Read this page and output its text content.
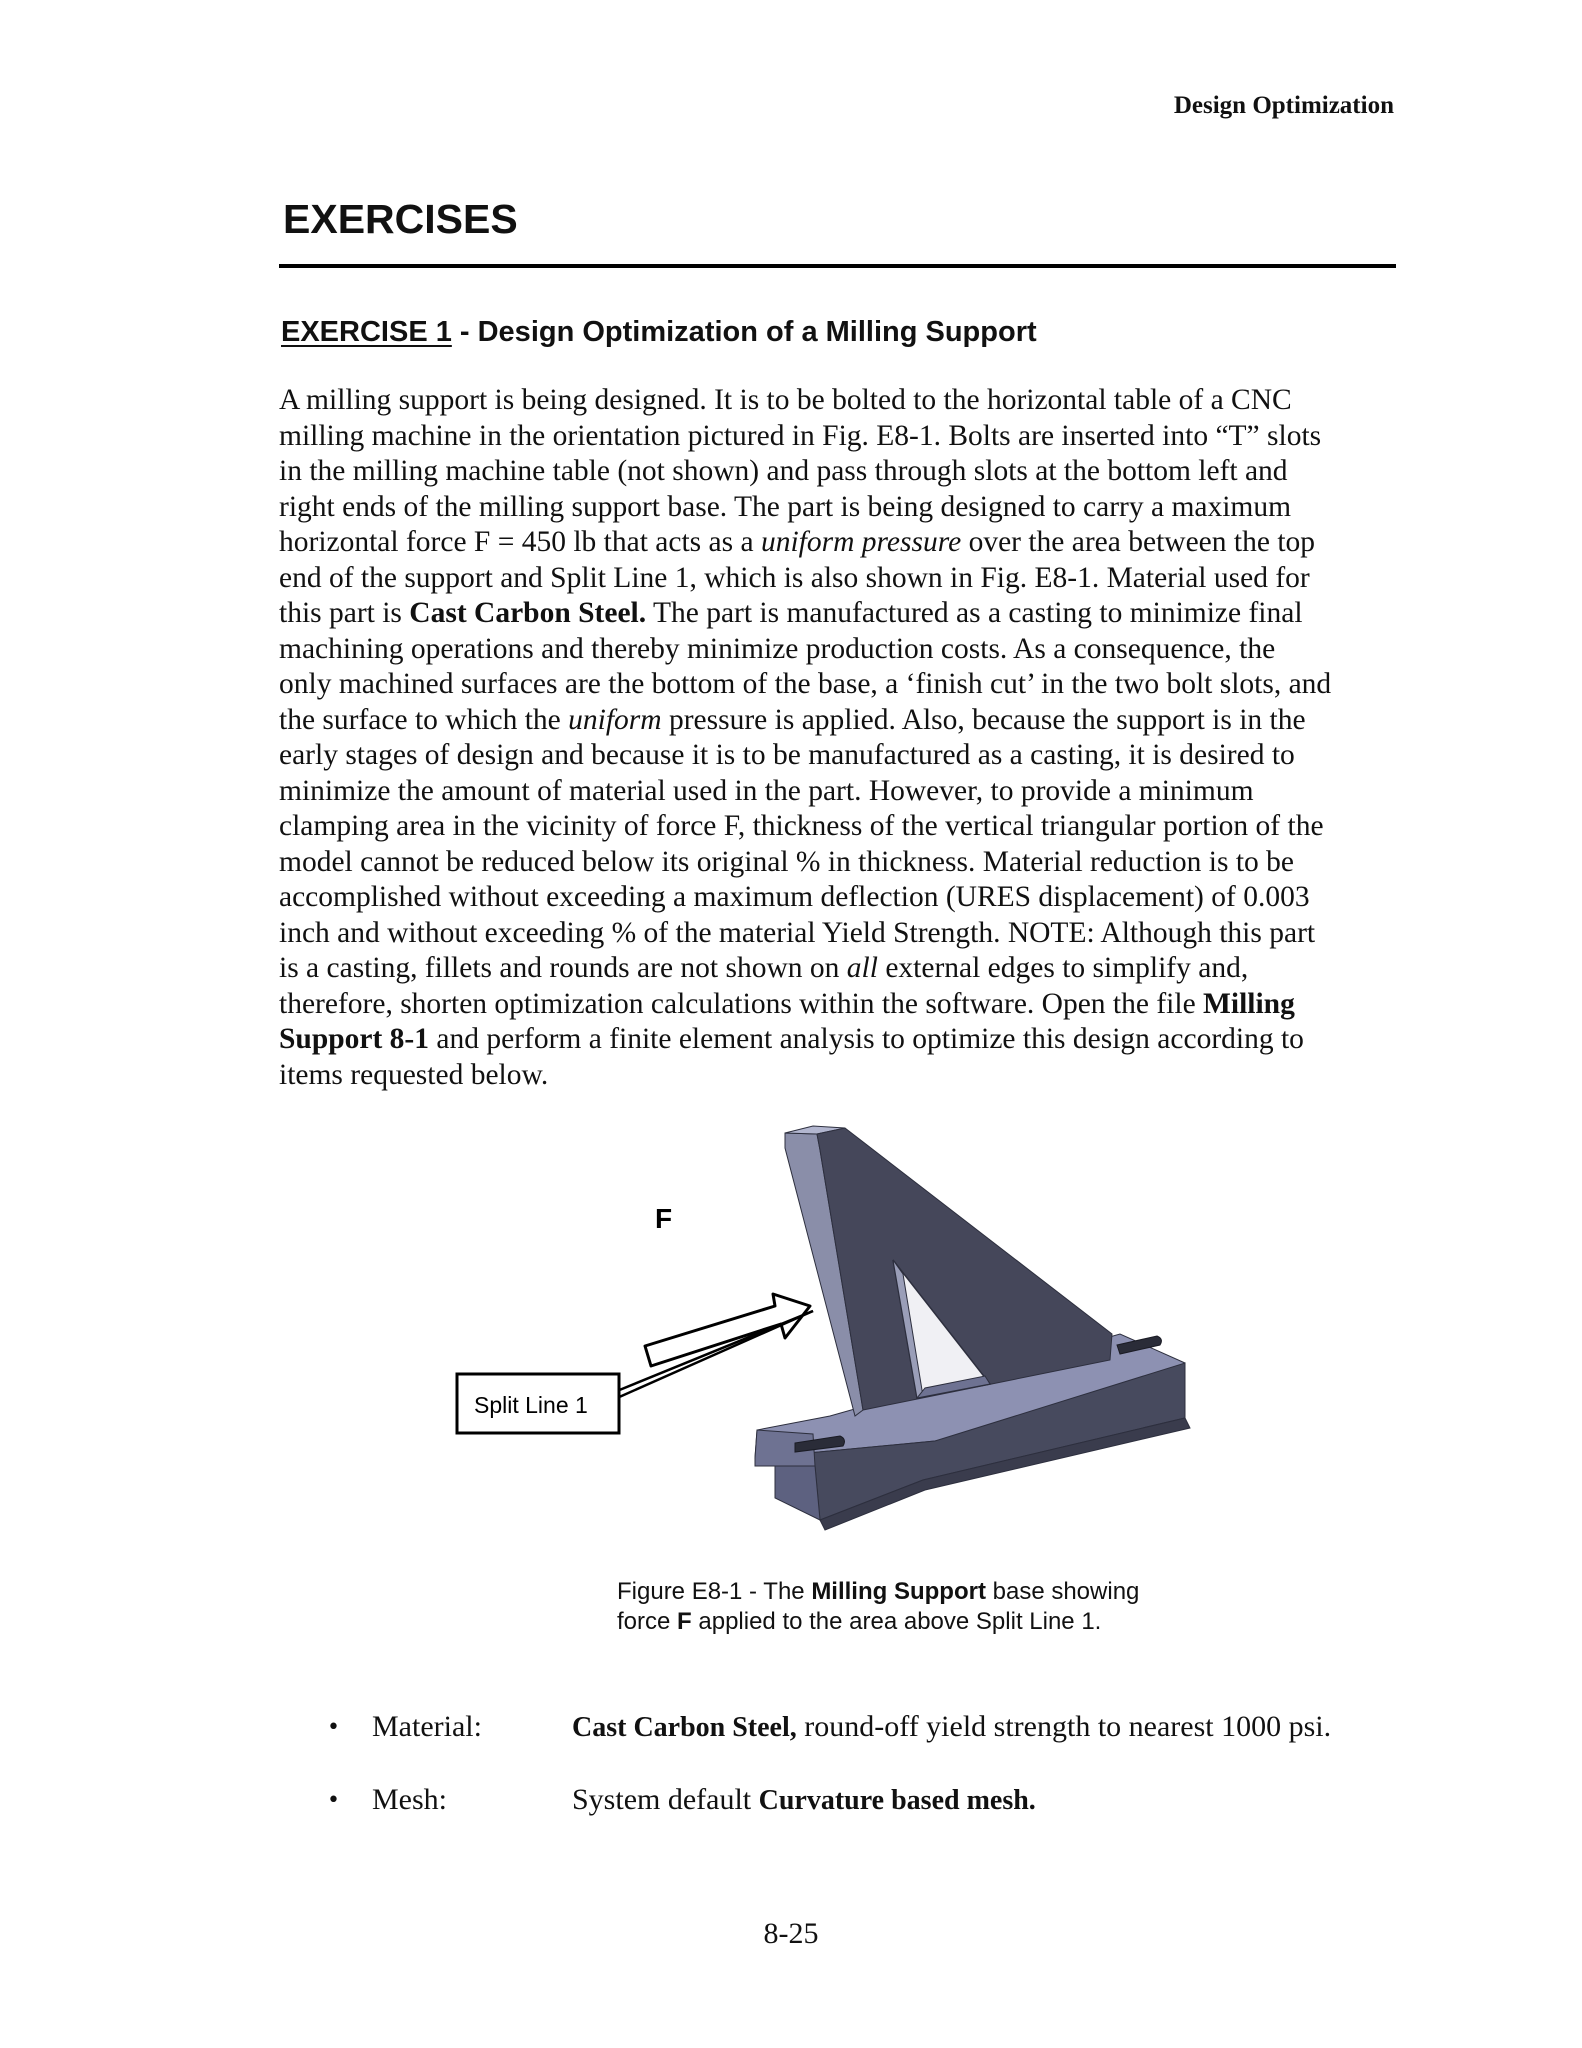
Design Optimization
EXERCISES
EXERCISE 1 - Design Optimization of a Milling Support

A milling support is being designed. It is to be bolted to the horizontal table of a CNC
milling machine in the orientation pictured in Fig. E8-1. Bolts are inserted into “T” slots
in the milling machine table (not shown) and pass through slots at the bottom left and
right ends of the milling support base. The part is being designed to carry a maximum
horizontal force F = 450 lb that acts as a uniform pressure over the area between the top
end of the support and Split Line 1, which is also shown in Fig. E8-1. Material used for
this part is Cast Carbon Steel. The part is manufactured as a casting to minimize final
machining operations and thereby minimize production costs. As a consequence, the
only machined surfaces are the bottom of the base, a ‘finish cut’ in the two bolt slots, and
the surface to which the uniform pressure is applied. Also, because the support is in the
early stages of design and because it is to be manufactured as a casting, it is desired to
minimize the amount of material used in the part. However, to provide a minimum
clamping area in the vicinity of force F, thickness of the vertical triangular portion of the
model cannot be reduced below its original % in thickness. Material reduction is to be
accomplished without exceeding a maximum deflection (URES displacement) of 0.003
inch and without exceeding % of the material Yield Strength. NOTE: Although this part
is a casting, fillets and rounds are not shown on all external edges to simplify and,
therefore, shorten optimization calculations within the software. Open the file Milling
Support 8-1 and perform a finite element analysis to optimize this design according to
items requested below.

F
Split Line 1

Figure E8-1 - The Milling Support base showing
force F applied to the area above Split Line 1.

• Material:	Cast Carbon Steel, round-off yield strength to nearest 1000 psi.
• Mesh:	System default Curvature based mesh.
8-25
